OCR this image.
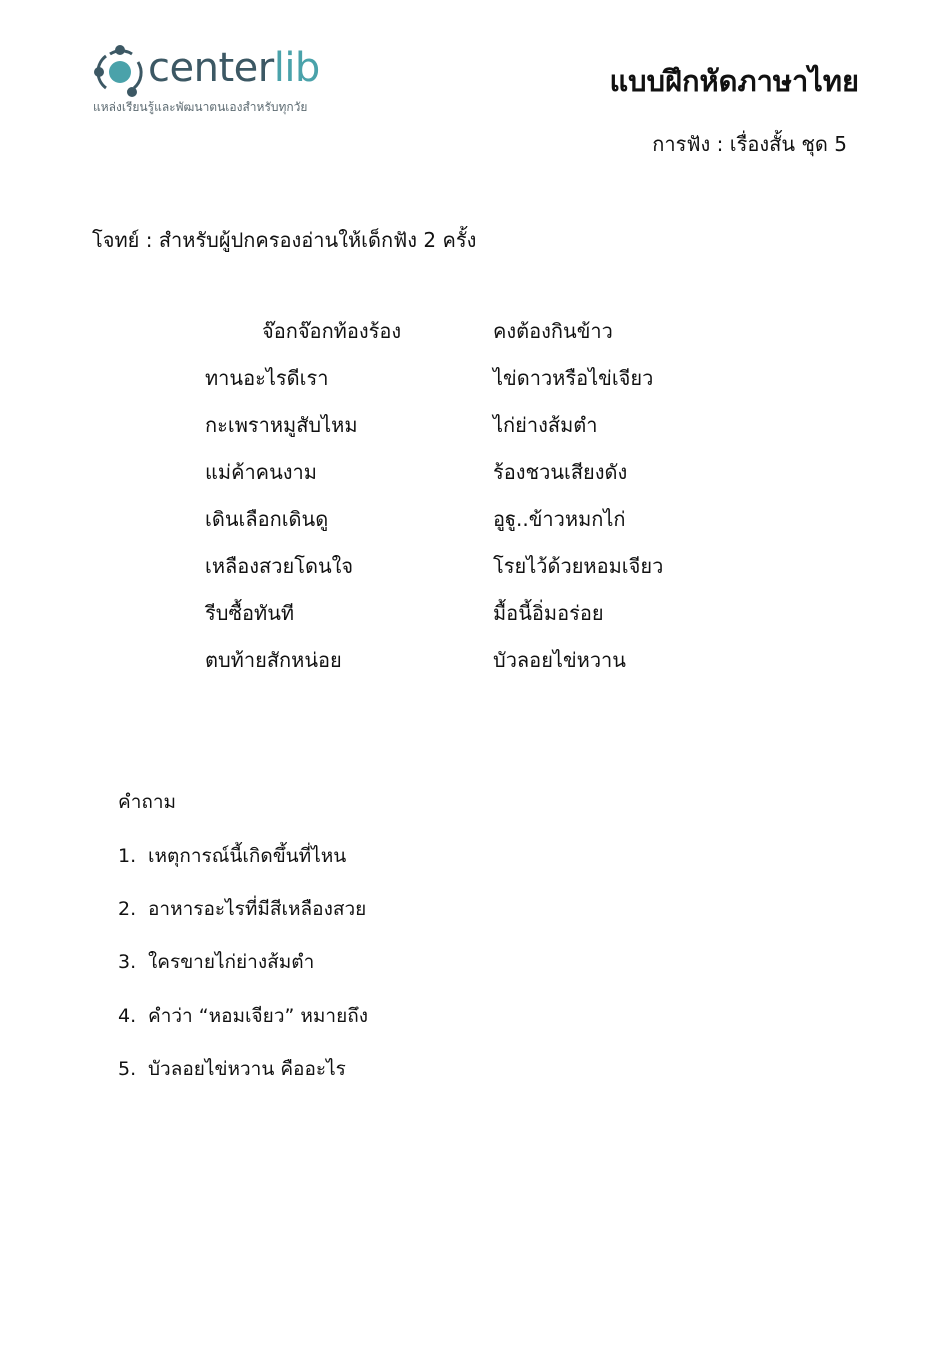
centerlib
แหล่งเรียนรู้และพัฒนาตนเองสำหรับทุกวัย
แบบฝึกหัดภาษาไทย
การฟัง : เรื่องสั้น ชุด 5
โจทย์ : สำหรับผู้ปกครองอ่านให้เด็กฟัง 2 ครั้ง
จ๊อกจ๊อกท้องร้อง	คงต้องกินข้าว
ทานอะไรดีเรา	ไข่ดาวหรือไข่เจียว
กะเพราหมูสับไหม	ไก่ย่างส้มตำ
แม่ค้าคนงาม	ร้องชวนเสียงดัง
เดินเลือกเดินดู	อูฐู..ข้าวหมกไก่
เหลืองสวยโดนใจ	โรยไว้ด้วยหอมเจียว
รีบซื้อทันที	มื้อนี้อิ่มอร่อย
ตบท้ายสักหน่อย	บัวลอยไข่หวาน
คำถาม
1. เหตุการณ์นี้เกิดขึ้นที่ไหน
2. อาหารอะไรที่มีสีเหลืองสวย
3. ใครขายไก่ย่างส้มตำ
4. คำว่า “หอมเจียว” หมายถึง
5. บัวลอยไข่หวาน คืออะไร
